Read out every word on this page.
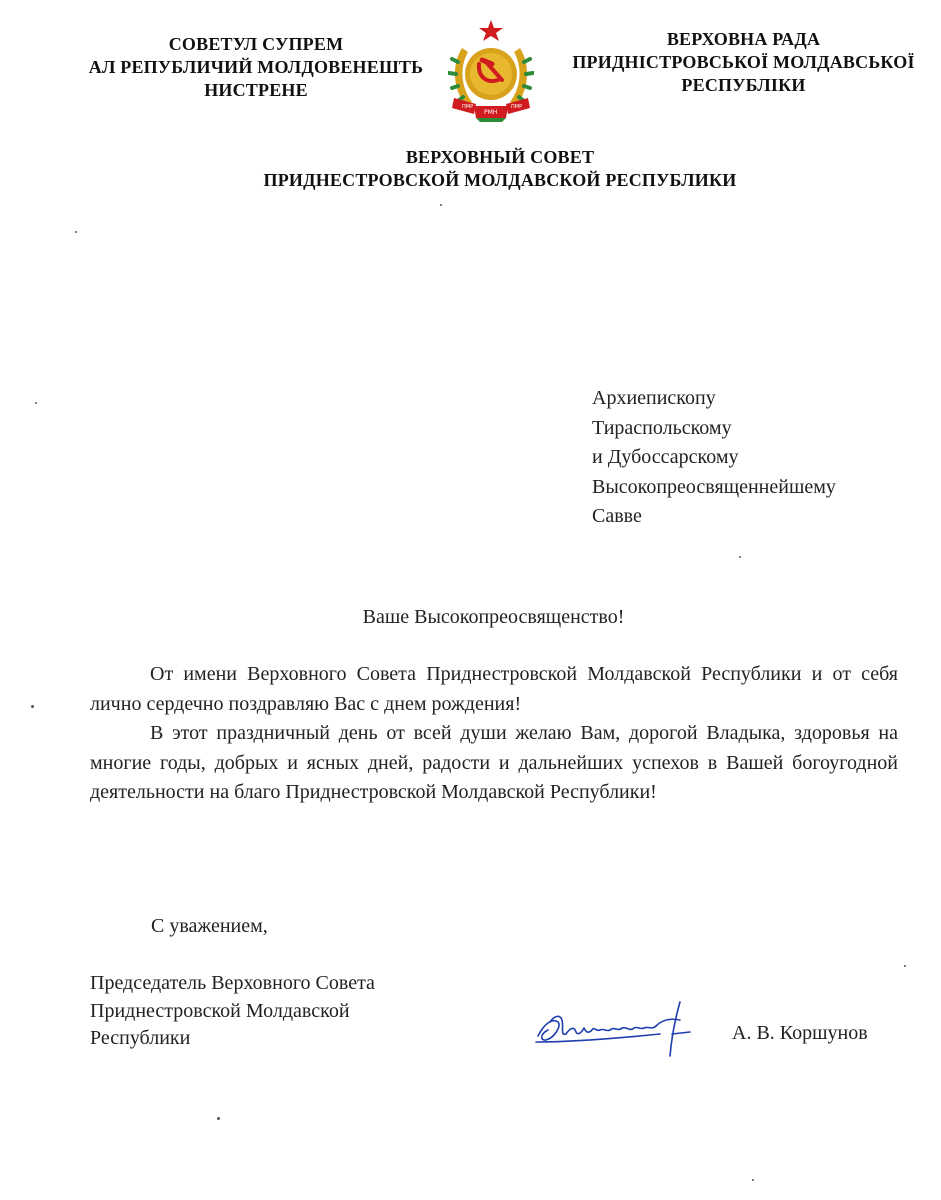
СОВЕТУЛ СУПРЕМ
АЛ РЕПУБЛИЧИЙ МОЛДОВЕНЕШТЬ
НИСТРЕНЕ
ПМР
РМН
ПМР
ВЕРХОВНА РАДА
ПРИДНІСТРОВСЬКОЇ МОЛДАВСЬКОЇ
РЕСПУБЛІКИ
ВЕРХОВНЫЙ СОВЕТ
ПРИДНЕСТРОВСКОЙ МОЛДАВСКОЙ РЕСПУБЛИКИ
Архиепископу
Тираспольскому
и Дубоссарскому
Высокопреосвященнейшему
Савве
Ваше Высокопреосвященство!

От имени Верховного Совета Приднестровской Молдавской Республики и от себя лично сердечно поздравляю Вас с днем рождения!

В этот праздничный день от всей души желаю Вам, дорогой Владыка, здоровья на многие годы, добрых и ясных дней, радости и дальнейших успехов в Вашей богоугодной деятельности на благо Приднестровской Молдавской Республики!

С уважением,
Председатель Верховного Совета
Приднестровской Молдавской
Республики	А. В. Коршунов
